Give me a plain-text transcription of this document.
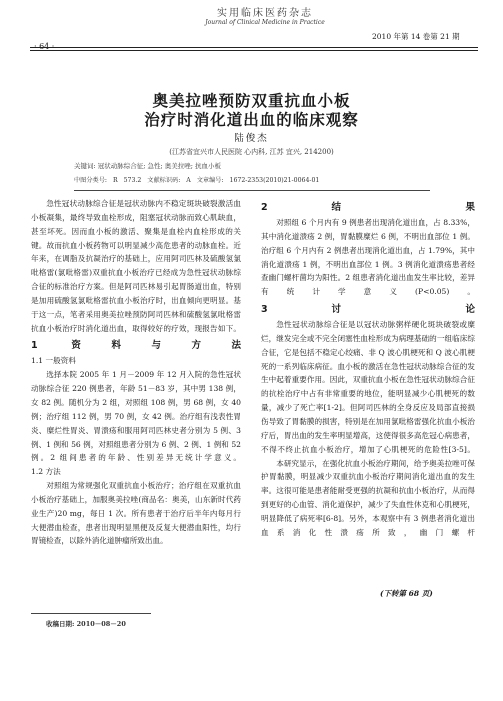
实用临床医药杂志
Journal of Clinical Medicine in Practice
· 64 ·
2010 年第 14 卷第 21 期
奥美拉唑预防双重抗血小板
治疗时消化道出血的临床观察
陆俊杰
(江苏省宜兴市人民医院 心内科, 江苏 宜兴, 214200)
关键词: 冠状动脉综合征; 急性; 奥美拉唑; 抗血小板
中图分类号: R 573.2 文献标识码: A 文章编号: 1672-2353(2010)21-0064-01

急性冠状动脉综合征是冠状动脉内不稳定斑块破裂激活血小板凝集，最终导致血栓形成，阻塞冠状动脉而致心肌缺血，甚至坏死。因而血小板的激活、聚集是血栓内血栓形成的关键。故而抗血小板药物可以明显减少高危患者的动脉血栓。近年来，在调脂及抗凝治疗的基础上，应用阿司匹林及硫酸氢氯吡格雷(氯吡格雷)双重抗血小板治疗已经成为急性冠状动脉综合征的标准治疗方案。但是阿司匹林易引起胃肠道出血，特别是加用硫酸氢氯吡格雷抗血小板治疗时，出血倾向更明显。基于这一点，笔者采用奥美拉唑预防阿司匹林和硫酸氢氯吡格雷抗血小板治疗时消化道出血，取得较好的疗效，现报告如下。

1 资料与方法

1.1 一般资料

选择本院 2005 年 1 月－2009 年 12 月入院的急性冠状动脉综合征 220 例患者，年龄 51－83 岁，其中男 138 例，女 82 例。随机分为 2 组，对照组 108 例，男 68 例，女 40 例；治疗组 112 例，男 70 例，女 42 例。治疗组有浅表性胃炎、糜烂性胃炎、胃溃疡和服用阿司匹林史者分别为 5 例、3 例、1 例和 56 例，对照组患者分别为 6 例、2 例、1 例和 52 例。2 组间患者的年龄、性别差异无统计学意义。

1.2 方法

对照组为常规强化双重抗血小板治疗；治疗组在双重抗血小板治疗基础上，加服奥美拉唑(商品名：奥美，山东新时代药业生产)20 mg，每日 1 次。所有患者于治疗后半年内每月行大便潜血检查，患者出现明显黑便及反复大便潜血阳性，均行胃镜检查，以除外消化道肿瘤所致出血。

收稿日期: 2010－08－20

2 结 果

对照组 6 个月内有 9 例患者出现消化道出血，占 8.33%，其中消化道溃疡 2 例，胃黏膜糜烂 6 例，不明出血部位 1 例。治疗组 6 个月内有 2 例患者出现消化道出血，占 1.79%，其中消化道溃疡 1 例，不明出血部位 1 例。3 例消化道溃疡患者经查幽门螺杆菌均为阳性。2 组患者消化道出血发生率比较，差异有统计学意义(P<0.05)。

3 讨 论

急性冠状动脉综合征是以冠状动脉粥样硬化斑块破裂或糜烂，继发完全或不完全闭塞性血栓形成为病理基础的一组临床综合征，它是包括不稳定心绞痛、非 Q 波心肌梗死和 Q 波心肌梗死的一系列临床病征。血小板的激活在急性冠状动脉综合征的发生中起着重要作用。因此，双重抗血小板在急性冠状动脉综合征的抗栓治疗中占有非常重要的地位，能明显减少心肌梗死的数量，减少了死亡率[1-2]。但阿司匹林的全身反应及局部直接损伤导致了胃黏膜的损害，特别是在加用氯吡格雷强化抗血小板治疗后，胃出血的发生率明显增高，这使得很多高危冠心病患者，不得不终止抗血小板治疗，增加了心肌梗死的危险性[3-5]。

本研究显示，在强化抗血小板治疗期间，给予奥美拉唑可保护胃黏膜，明显减少双重抗血小板治疗期间消化道出血的发生率。这很可能是患者能耐受更强的抗凝和抗血小板治疗，从而得到更好的心血管、消化道保护，减少了失血性休克和心肌梗死，明显降低了病死率[6-8]。另外，本观察中有 3 例患者消化道出血系消化性溃疡所致，幽门螺杆

(下转第 68 页)
